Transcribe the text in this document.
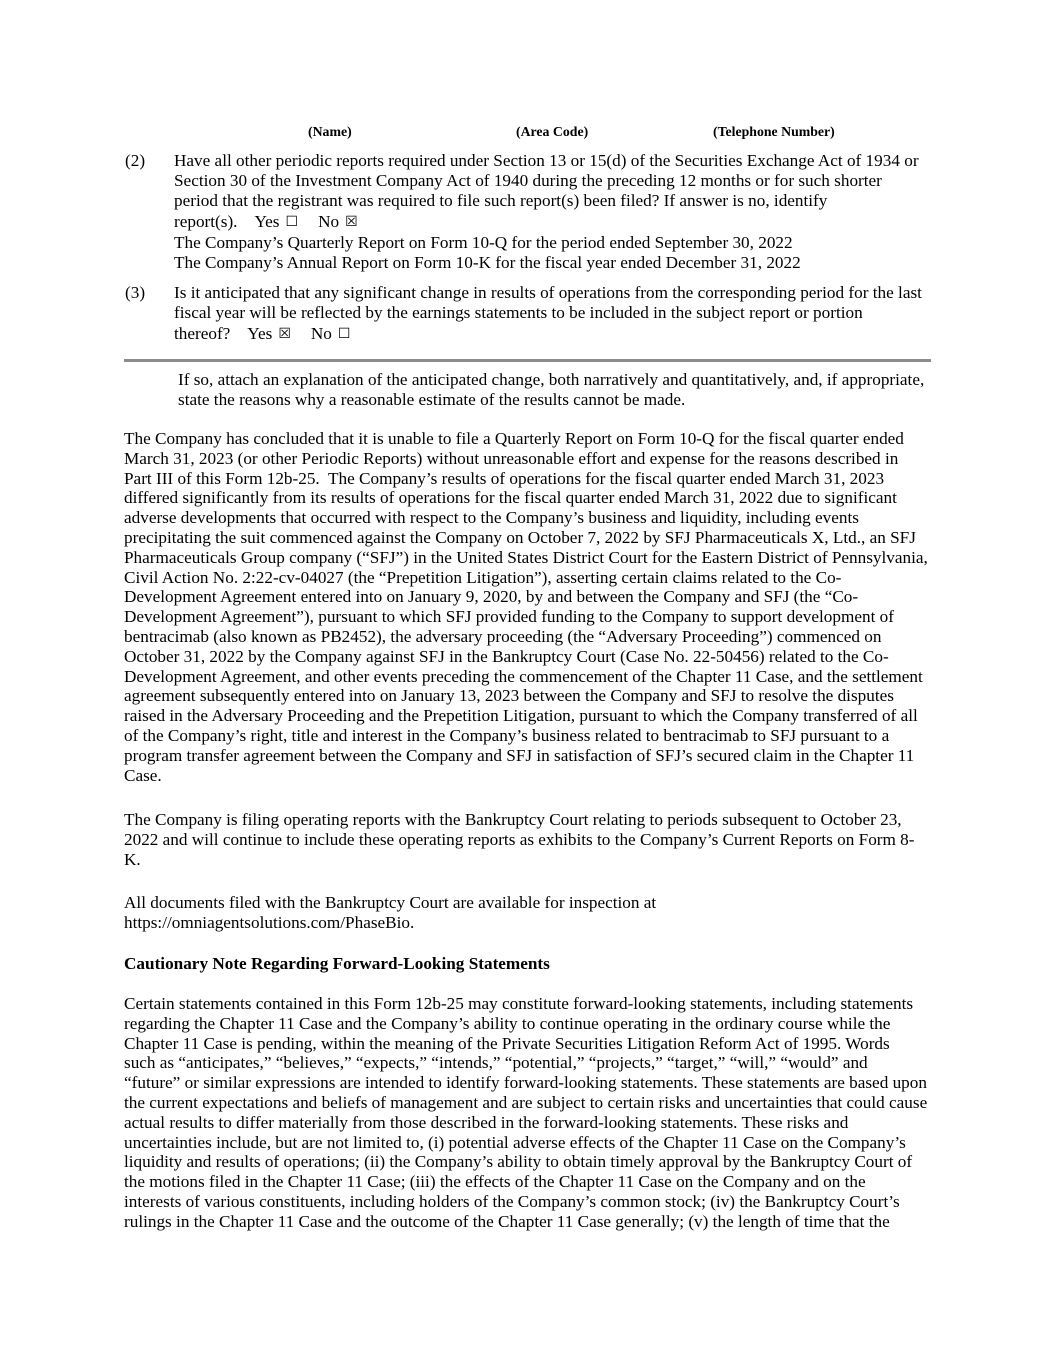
(Name)	(Area Code)	(Telephone Number)
(2) Have all other periodic reports required under Section 13 or 15(d) of the Securities Exchange Act of 1934 or
Section 30 of the Investment Company Act of 1940 during the preceding 12 months or for such shorter
period that the registrant was required to file such report(s) been filed? If answer is no, identify
report(s). Yes ☐ No ☒
The Company’s Quarterly Report on Form 10-Q for the period ended September 30, 2022
The Company’s Annual Report on Form 10-K for the fiscal year ended December 31, 2022
(3) Is it anticipated that any significant change in results of operations from the corresponding period for the last
fiscal year will be reflected by the earnings statements to be included in the subject report or portion
thereof? Yes ☒ No ☐
If so, attach an explanation of the anticipated change, both narratively and quantitatively, and, if appropriate,
state the reasons why a reasonable estimate of the results cannot be made.
The Company has concluded that it is unable to file a Quarterly Report on Form 10-Q for the fiscal quarter ended
March 31, 2023 (or other Periodic Reports) without unreasonable effort and expense for the reasons described in
Part III of this Form 12b-25.  The Company’s results of operations for the fiscal quarter ended March 31, 2023
differed significantly from its results of operations for the fiscal quarter ended March 31, 2022 due to significant
adverse developments that occurred with respect to the Company’s business and liquidity, including events
precipitating the suit commenced against the Company on October 7, 2022 by SFJ Pharmaceuticals X, Ltd., an SFJ
Pharmaceuticals Group company (“SFJ”) in the United States District Court for the Eastern District of Pennsylvania,
Civil Action No. 2:22-cv-04027 (the “Prepetition Litigation”), asserting certain claims related to the Co-
Development Agreement entered into on January 9, 2020, by and between the Company and SFJ (the “Co-
Development Agreement”), pursuant to which SFJ provided funding to the Company to support development of
bentracimab (also known as PB2452), the adversary proceeding (the “Adversary Proceeding”) commenced on
October 31, 2022 by the Company against SFJ in the Bankruptcy Court (Case No. 22-50456) related to the Co-
Development Agreement, and other events preceding the commencement of the Chapter 11 Case, and the settlement
agreement subsequently entered into on January 13, 2023 between the Company and SFJ to resolve the disputes
raised in the Adversary Proceeding and the Prepetition Litigation, pursuant to which the Company transferred of all
of the Company’s right, title and interest in the Company’s business related to bentracimab to SFJ pursuant to a
program transfer agreement between the Company and SFJ in satisfaction of SFJ’s secured claim in the Chapter 11
Case.
The Company is filing operating reports with the Bankruptcy Court relating to periods subsequent to October 23,
2022 and will continue to include these operating reports as exhibits to the Company’s Current Reports on Form 8-
K.
All documents filed with the Bankruptcy Court are available for inspection at
https://omniagentsolutions.com/PhaseBio.
Cautionary Note Regarding Forward-Looking Statements
Certain statements contained in this Form 12b-25 may constitute forward-looking statements, including statements
regarding the Chapter 11 Case and the Company’s ability to continue operating in the ordinary course while the
Chapter 11 Case is pending, within the meaning of the Private Securities Litigation Reform Act of 1995. Words
such as “anticipates,” “believes,” “expects,” “intends,” “potential,” “projects,” “target,” “will,” “would” and
“future” or similar expressions are intended to identify forward-looking statements. These statements are based upon
the current expectations and beliefs of management and are subject to certain risks and uncertainties that could cause
actual results to differ materially from those described in the forward-looking statements. These risks and
uncertainties include, but are not limited to, (i) potential adverse effects of the Chapter 11 Case on the Company’s
liquidity and results of operations; (ii) the Company’s ability to obtain timely approval by the Bankruptcy Court of
the motions filed in the Chapter 11 Case; (iii) the effects of the Chapter 11 Case on the Company and on the
interests of various constituents, including holders of the Company’s common stock; (iv) the Bankruptcy Court’s
rulings in the Chapter 11 Case and the outcome of the Chapter 11 Case generally; (v) the length of time that the
